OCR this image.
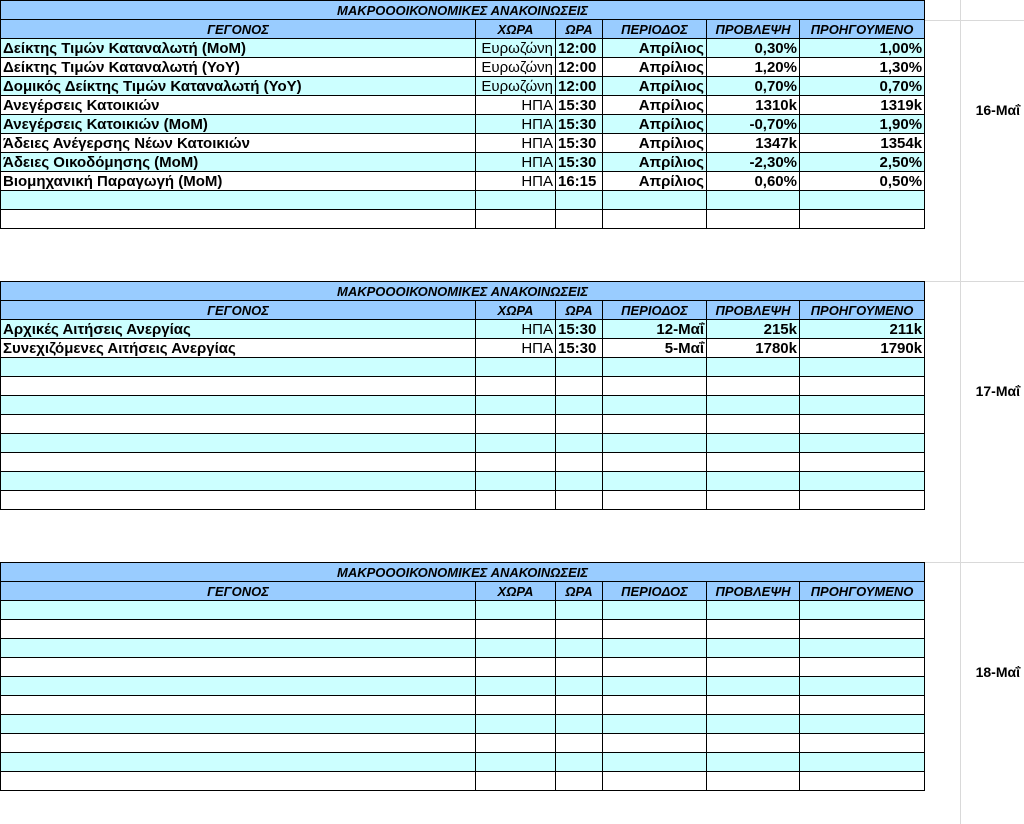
ΜΑΚΡΟΟΟΙΚΟΝΟΜΙΚΕΣ ΑΝΑΚΟΙΝΩΣΕΙΣ					
ΓΕΓΟΝΟΣ	ΧΩΡΑ	ΩΡΑ	ΠΕΡΙΟΔΟΣ	ΠΡΟΒΛΕΨΗ	ΠΡΟΗΓΟΥΜΕΝΟ
Δείκτης Τιμών Καταναλωτή (MoM)	Ευρωζώνη	12:00	Απρίλιος	0,30%	1,00%
Δείκτης Τιμών Καταναλωτή (YoY)	Ευρωζώνη	12:00	Απρίλιος	1,20%	1,30%
Δομικός Δείκτης Τιμών Καταναλωτή (YoY)	Ευρωζώνη	12:00	Απρίλιος	0,70%	0,70%
Ανεγέρσεις Κατοικιών	ΗΠΑ	15:30	Απρίλιος	1310k	1319k
Ανεγέρσεις Κατοικιών (MoM)	ΗΠΑ	15:30	Απρίλιος	-0,70%	1,90%
Άδειες Ανέγερσης Νέων Κατοικιών	ΗΠΑ	15:30	Απρίλιος	1347k	1354k
Άδειες Οικοδόμησης (MoM)	ΗΠΑ	15:30	Απρίλιος	-2,30%	2,50%
Βιομηχανική Παραγωγή (MoM)	ΗΠΑ	16:15	Απρίλιος	0,60%	0,50%

16-Μαΐ
ΜΑΚΡΟΟΟΙΚΟΝΟΜΙΚΕΣ ΑΝΑΚΟΙΝΩΣΕΙΣ					
ΓΕΓΟΝΟΣ	ΧΩΡΑ	ΩΡΑ	ΠΕΡΙΟΔΟΣ	ΠΡΟΒΛΕΨΗ	ΠΡΟΗΓΟΥΜΕΝΟ
Αρχικές Αιτήσεις Ανεργίας	ΗΠΑ	15:30	12-Μαΐ	215k	211k
Συνεχιζόμενες Αιτήσεις Ανεργίας	ΗΠΑ	15:30	5-Μαΐ	1780k	1790k

17-Μαΐ
ΜΑΚΡΟΟΟΙΚΟΝΟΜΙΚΕΣ ΑΝΑΚΟΙΝΩΣΕΙΣ					
ΓΕΓΟΝΟΣ	ΧΩΡΑ	ΩΡΑ	ΠΕΡΙΟΔΟΣ	ΠΡΟΒΛΕΨΗ	ΠΡΟΗΓΟΥΜΕΝΟ

18-Μαΐ
